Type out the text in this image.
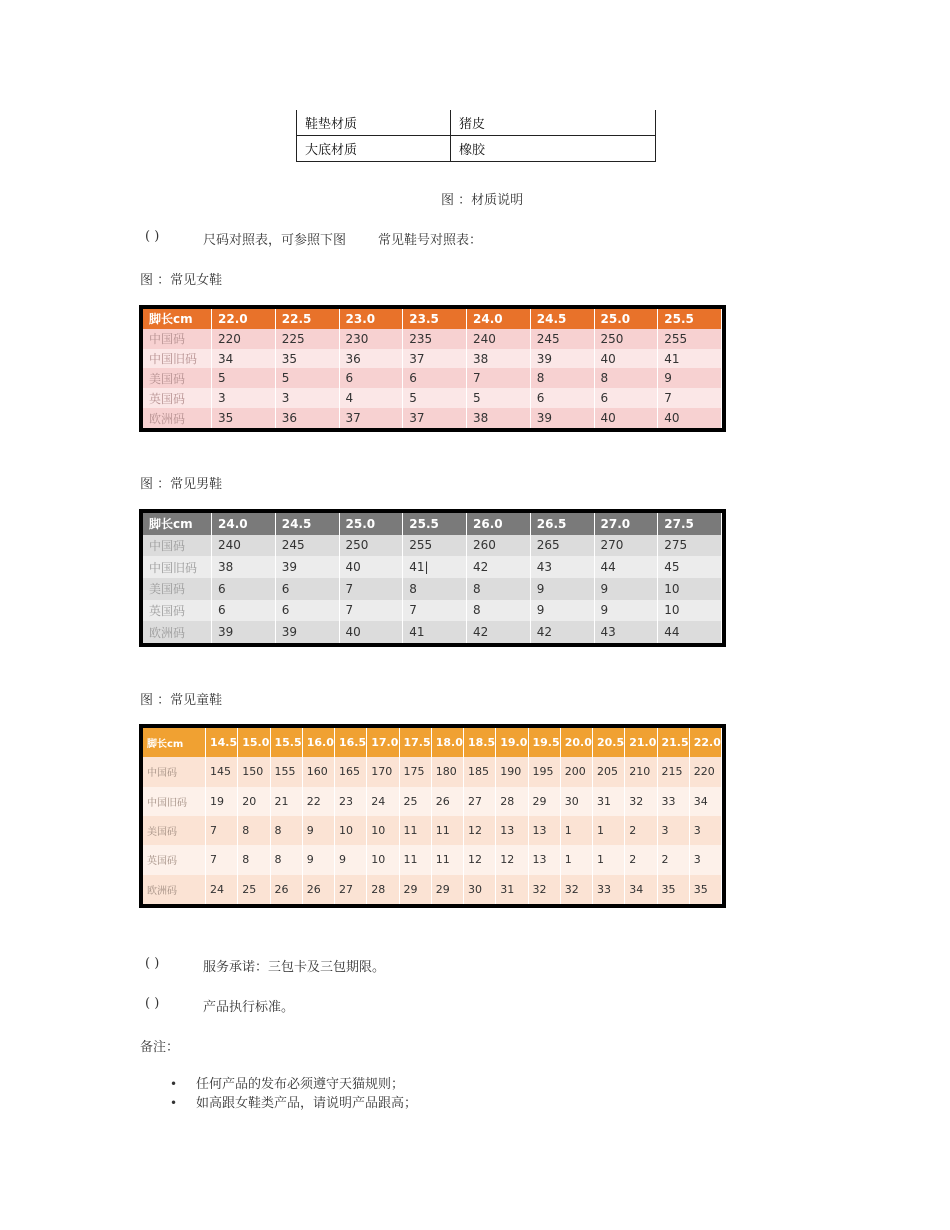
鞋垫材质	猪皮
大底材质	橡胶
图 ：材质说明
( )	尺码对照表，可参照下图 常见鞋号对照表：
图 ：常见女鞋
脚长cm	22.0	22.5	23.0	23.5	24.0	24.5	25.0	25.5
中国码	220	225	230	235	240	245	250	255
中国旧码	34	35	36	37	38	39	40	41
美国码	5	5	6	6	7	8	8	9
英国码	3	3	4	5	5	6	6	7
欧洲码	35	36	37	37	38	39	40	40
图 ：常见男鞋
脚长cm	24.0	24.5	25.0	25.5	26.0	26.5	27.0	27.5
中国码	240	245	250	255	260	265	270	275
中国旧码	38	39	40	41|	42	43	44	45
美国码	6	6	7	8	8	9	9	10
英国码	6	6	7	7	8	9	9	10
欧洲码	39	39	40	41	42	42	43	44
图 ：常见童鞋
脚长cm	14.5	15.0	15.5	16.0	16.5	17.0	17.5	18.0	18.5	19.0	19.5	20.0	20.5	21.0	21.5	22.0
中国码	145	150	155	160	165	170	175	180	185	190	195	200	205	210	215	220
中国旧码	19	20	21	22	23	24	25	26	27	28	29	30	31	32	33	34
美国码	7	8	8	9	10	10	11	11	12	13	13	1	1	2	3	3
英国码	7	8	8	9	9	10	11	11	12	12	13	1	1	2	2	3
欧洲码	24	25	26	26	27	28	29	29	30	31	32	32	33	34	35	35
( )	服务承诺：三包卡及三包期限。
( )	产品执行标准。
备注：
• 任何产品的发布必须遵守天猫规则；
• 如高跟女鞋类产品，请说明产品跟高；
